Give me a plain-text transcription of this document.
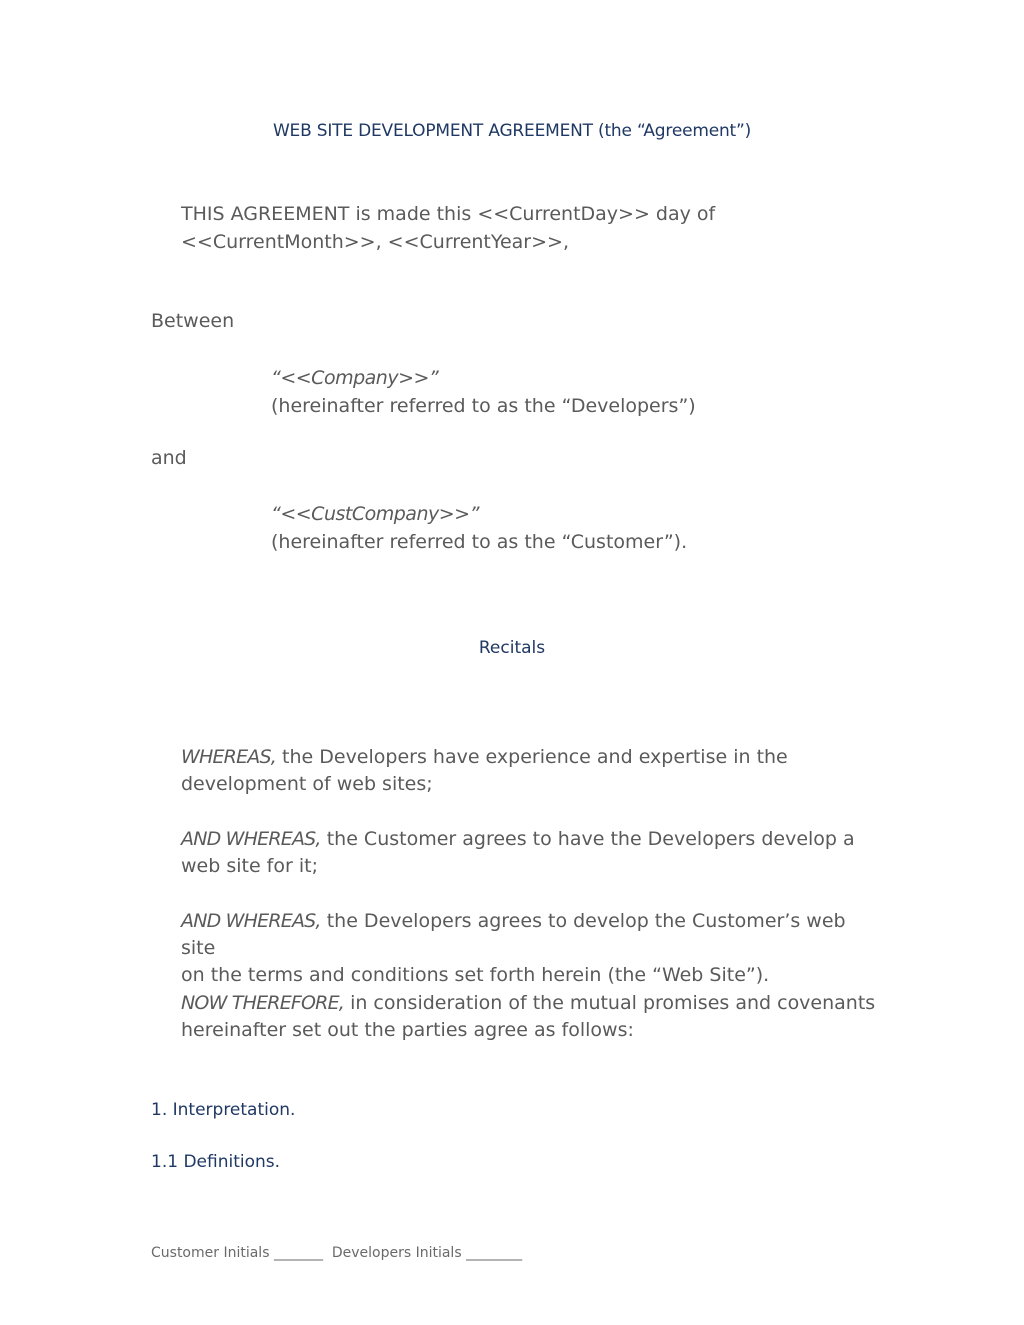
WEB SITE DEVELOPMENT AGREEMENT (the “Agreement”)
THIS AGREEMENT is made this <<CurrentDay>> day of
<<CurrentMonth>>, <<CurrentYear>>,
Between
“<<Company>>”
(hereinafter referred to as the “Developers”)
and
“<<CustCompany>>”
(hereinafter referred to as the “Customer”).
Recitals
WHEREAS, the Developers have experience and expertise in the
development of web sites;
AND WHEREAS, the Customer agrees to have the Developers develop a
web site for it;
AND WHEREAS, the Developers agrees to develop the Customer’s web site
on the terms and conditions set forth herein (the “Web Site”).
NOW THEREFORE, in consideration of the mutual promises and covenants
hereinafter set out the parties agree as follows:
1. Interpretation.
1.1 Definitions.
Customer Initials _______  Developers Initials ________
